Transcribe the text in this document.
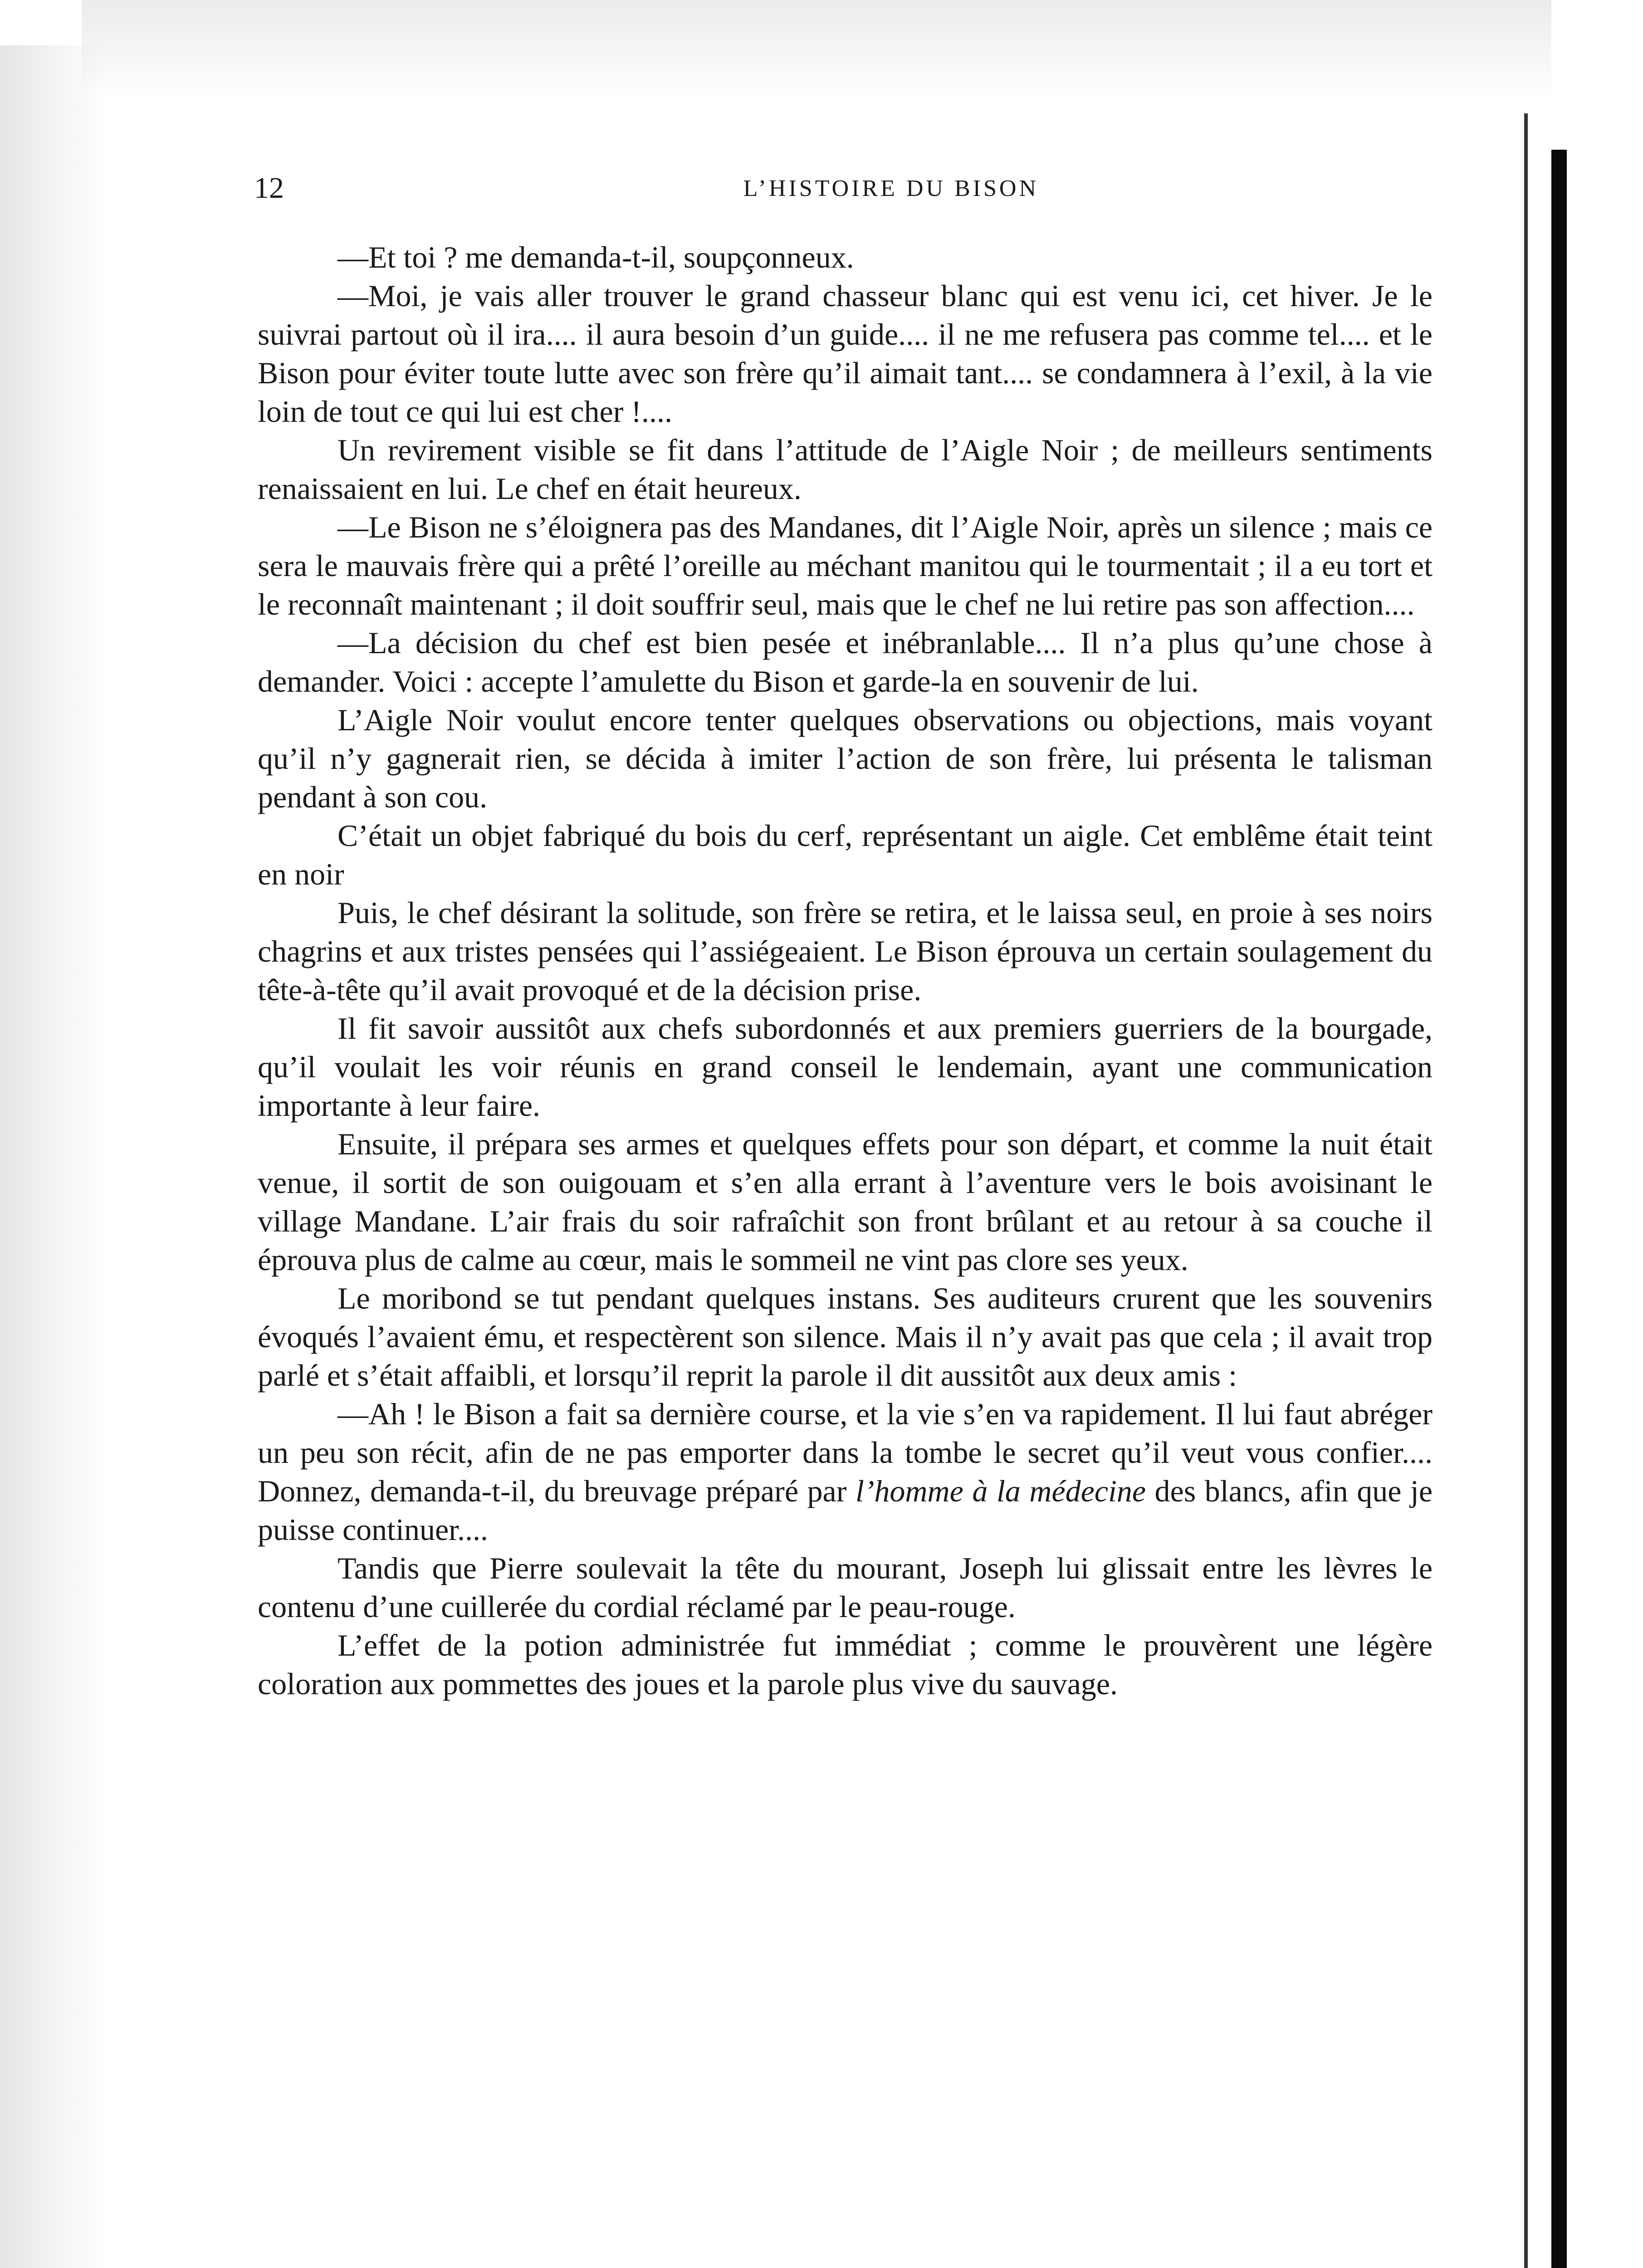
12	L’HISTOIRE DU BISON

—Et toi ? me demanda-t-il, soupçonneux.

—Moi, je vais aller trouver le grand chasseur blanc qui est venu ici, cet hiver. Je le suivrai partout où il ira.... il aura besoin d’un guide.... il ne me refusera pas comme tel.... et le Bison pour éviter toute lutte avec son frère qu’il aimait tant.... se condamnera à l’exil, à la vie loin de tout ce qui lui est cher !....

Un revirement visible se fit dans l’attitude de l’Aigle Noir ; de meilleurs sentiments renaissaient en lui. Le chef en était heureux.

—Le Bison ne s’éloignera pas des Mandanes, dit l’Aigle Noir, après un silence ; mais ce sera le mauvais frère qui a prêté l’oreille au méchant manitou qui le tourmentait ; il a eu tort et le reconnaît maintenant ; il doit souffrir seul, mais que le chef ne lui retire pas son affection....

—La décision du chef est bien pesée et inébranlable.... Il n’a plus qu’une chose à demander. Voici : accepte l’amulette du Bison et garde-la en souvenir de lui.

L’Aigle Noir voulut encore tenter quelques observations ou objections, mais voyant qu’il n’y gagnerait rien, se décida à imiter l’action de son frère, lui présenta le talisman pendant à son cou.

C’était un objet fabriqué du bois du cerf, représentant un aigle. Cet emblême était teint en noir

Puis, le chef désirant la solitude, son frère se retira, et le laissa seul, en proie à ses noirs chagrins et aux tristes pensées qui l’assiégeaient. Le Bison éprouva un certain soulagement du tête-à-tête qu’il avait provoqué et de la décision prise.

Il fit savoir aussitôt aux chefs subordonnés et aux premiers guerriers de la bourgade, qu’il voulait les voir réunis en grand conseil le lendemain, ayant une communication importante à leur faire.

Ensuite, il prépara ses armes et quelques effets pour son départ, et comme la nuit était venue, il sortit de son ouigouam et s’en alla errant à l’aventure vers le bois avoisinant le village Mandane. L’air frais du soir rafraîchit son front brûlant et au retour à sa couche il éprouva plus de calme au cœur, mais le sommeil ne vint pas clore ses yeux.

Le moribond se tut pendant quelques instans. Ses auditeurs crurent que les souvenirs évoqués l’avaient ému, et respectèrent son silence. Mais il n’y avait pas que cela ; il avait trop parlé et s’était affaibli, et lorsqu’il reprit la parole il dit aussitôt aux deux amis :

—Ah ! le Bison a fait sa dernière course, et la vie s’en va rapidement. Il lui faut abréger un peu son récit, afin de ne pas emporter dans la tombe le secret qu’il veut vous confier.... Donnez, demanda-t-il, du breuvage préparé par l’homme à la médecine des blancs, afin que je puisse continuer....

Tandis que Pierre soulevait la tête du mourant, Joseph lui glissait entre les lèvres le contenu d’une cuillerée du cordial réclamé par le peau-rouge.

L’effet de la potion administrée fut immédiat ; comme le prouvèrent une légère coloration aux pommettes des joues et la parole plus vive du sauvage.
